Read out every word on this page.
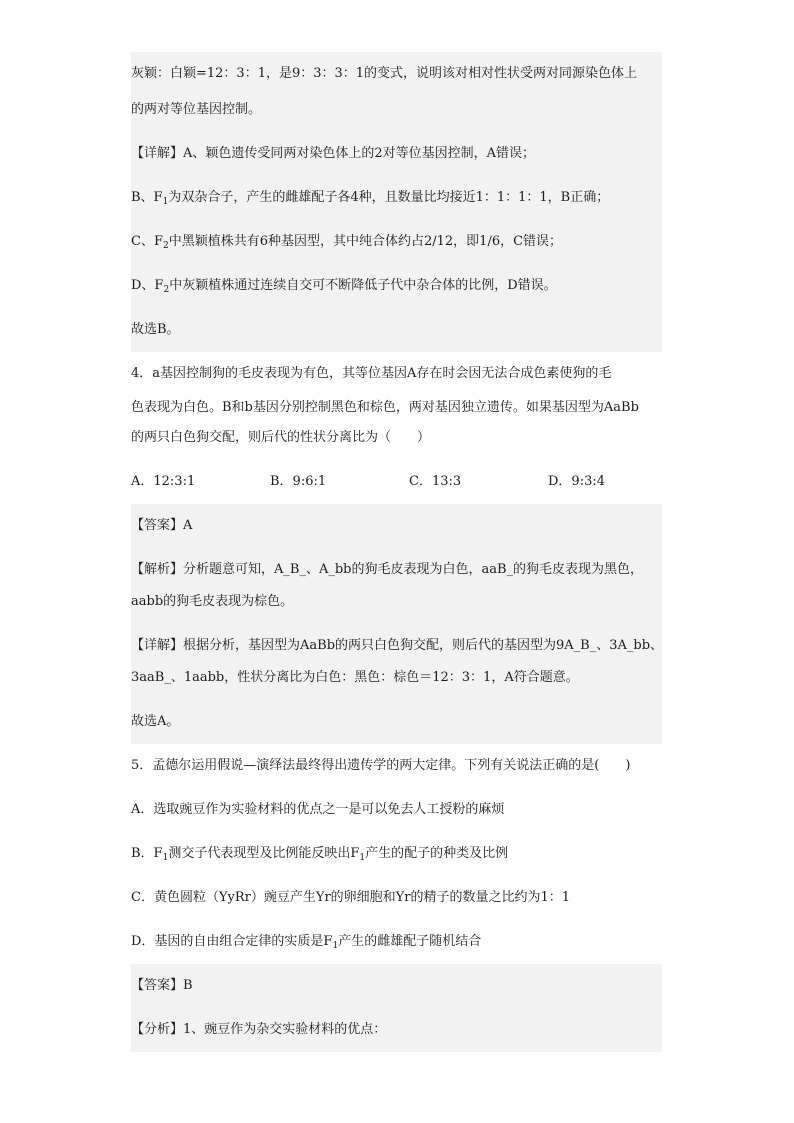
灰颖：白颖=12：3：1，是9：3：3：1的变式，说明该对相对性状受两对同源染色体上
的两对等位基因控制。
【详解】A、颖色遗传受同两对染色体上的2对等位基因控制，A错误；
B、$F_1$为双杂合子，产生的雌雄配子各4种，且数量比均接近1：1：1：1，B正确；
C、$F_2$中黑颖植株共有6种基因型，其中纯合体约占2/12，即1/6，C错误；
D、$F_2$中灰颖植株通过连续自交可不断降低子代中杂合体的比例，D错误。
故选B。
4．a基因控制狗的毛皮表现为有色，其等位基因A存在时会因无法合成色素使狗的毛
色表现为白色。B和b基因分别控制黑色和棕色，两对基因独立遗传。如果基因型为AaBb
的两只白色狗交配，则后代的性状分离比为（　　）
A．12:3:1	B．9:6:1	C．13:3	D．9:3:4
【答案】A
【解析】分析题意可知，A_B_、A_bb的狗毛皮表现为白色，aaB_的狗毛皮表现为黑色，
aabb的狗毛皮表现为棕色。
【详解】根据分析，基因型为AaBb的两只白色狗交配，则后代的基因型为9A_B_、3A_bb、
3aaB_、1aabb，性状分离比为白色：黑色：棕色＝12：3：1，A符合题意。
故选A。
5．孟德尔运用假说—演绎法最终得出遗传学的两大定律。下列有关说法正确的是(　　)
A．选取豌豆作为实验材料的优点之一是可以免去人工授粉的麻烦
B．$F_1$测交子代表现型及比例能反映出$F_1$产生的配子的种类及比例
C．黄色圆粒（YyRr）豌豆产生Yr的卵细胞和Yr的精子的数量之比约为1：1
D．基因的自由组合定律的实质是$F_1$产生的雌雄配子随机结合
【答案】B
【分析】1、豌豆作为杂交实验材料的优点：
